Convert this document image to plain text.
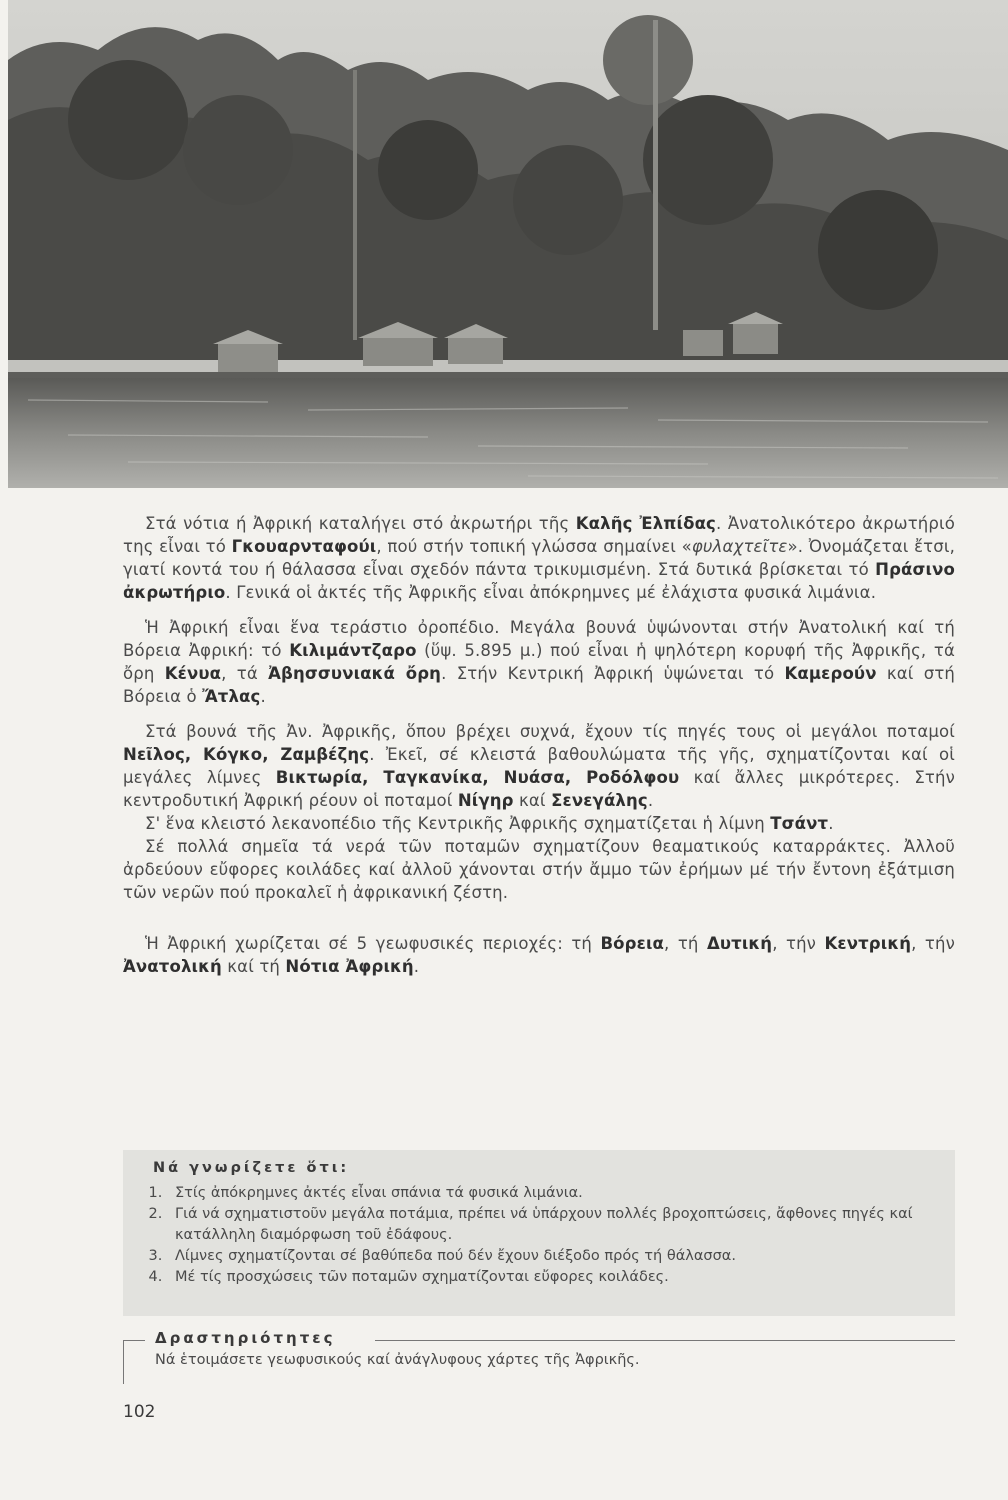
Στά νότια ή Ἀφρική καταλήγει στό ἀκρωτήρι τῆς Καλῆς Ἐλπίδας. Ἀνατολικότερο ἀκρωτήριό της εἶναι τό Γκουαρνταφούι, πού στήν τοπική γλώσσα σημαίνει «φυλαχτεῖτε». Ὀνομάζεται ἔτσι, γιατί κοντά του ή θάλασσα εἶναι σχεδόν πάντα τρικυμισμένη. Στά δυτικά βρίσκεται τό Πράσινο ἀκρωτήριο. Γενικά οἱ ἀκτές τῆς Ἀφρικῆς εἶναι ἀπόκρημνες μέ ἐλάχιστα φυσικά λιμάνια.

Ἡ Ἀφρική εἶναι ἕνα τεράστιο ὀροπέδιο. Μεγάλα βουνά ὑψώνονται στήν Ἀνατολική καί τή Βόρεια Ἀφρική: τό Κιλιμάντζαρο (ὕψ. 5.895 μ.) πού εἶναι ἡ ψηλότερη κορυφή τῆς Ἀφρικῆς, τά ὄρη Κένυα, τά Ἀβησσυνιακά ὄρη. Στήν Κεντρική Ἀφρική ὑψώνεται τό Καμερούν καί στή Βόρεια ὁ Ἄτλας.

Στά βουνά τῆς Ἀν. Ἀφρικῆς, ὅπου βρέχει συχνά, ἔχουν τίς πηγές τους οἱ μεγάλοι ποταμοί Νεῖλος, Κόγκο, Ζαμβέζης. Ἐκεῖ, σέ κλειστά βαθουλώματα τῆς γῆς, σχηματίζονται καί οἱ μεγάλες λίμνες Βικτωρία, Ταγκανίκα, Νυάσα, Ροδόλφου καί ἄλλες μικρότερες. Στήν κεντροδυτική Ἀφρική ρέουν οἱ ποταμοί Νίγηρ καί Σενεγάλης.

Σ' ἕνα κλειστό λεκανοπέδιο τῆς Κεντρικῆς Ἀφρικῆς σχηματίζεται ἡ λίμνη Τσάντ.

Σέ πολλά σημεῖα τά νερά τῶν ποταμῶν σχηματίζουν θεαματικούς καταρράκτες. Ἀλλοῦ ἀρδεύουν εὔφορες κοιλάδες καί ἀλλοῦ χάνονται στήν ἄμμο τῶν ἐρήμων μέ τήν ἔντονη ἐξάτμιση τῶν νερῶν πού προκαλεῖ ἡ ἀφρικανική ζέστη.

Ἡ Ἀφρική χωρίζεται σέ 5 γεωφυσικές περιοχές: τή Βόρεια, τή Δυτική, τήν Κεντρική, τήν Ἀνατολική καί τή Νότια Ἀφρική.

Νά γνωρίζετε ὅτι:
1. Στίς ἀπόκρημνες ἀκτές εἶναι σπάνια τά φυσικά λιμάνια.
2. Γιά νά σχηματιστοῦν μεγάλα ποτάμια, πρέπει νά ὑπάρχουν πολλές βροχοπτώσεις, ἄφθονες πηγές καί κατάλληλη διαμόρφωση τοῦ ἐδάφους.
3. Λίμνες σχηματίζονται σέ βαθύπεδα πού δέν ἔχουν διέξοδο πρός τή θάλασσα.
4. Μέ τίς προσχώσεις τῶν ποταμῶν σχηματίζονται εὔφορες κοιλάδες.
Δραστηριότητες
Νά ἑτοιμάσετε γεωφυσικούς καί ἀνάγλυφους χάρτες τῆς Ἀφρικῆς.
102
